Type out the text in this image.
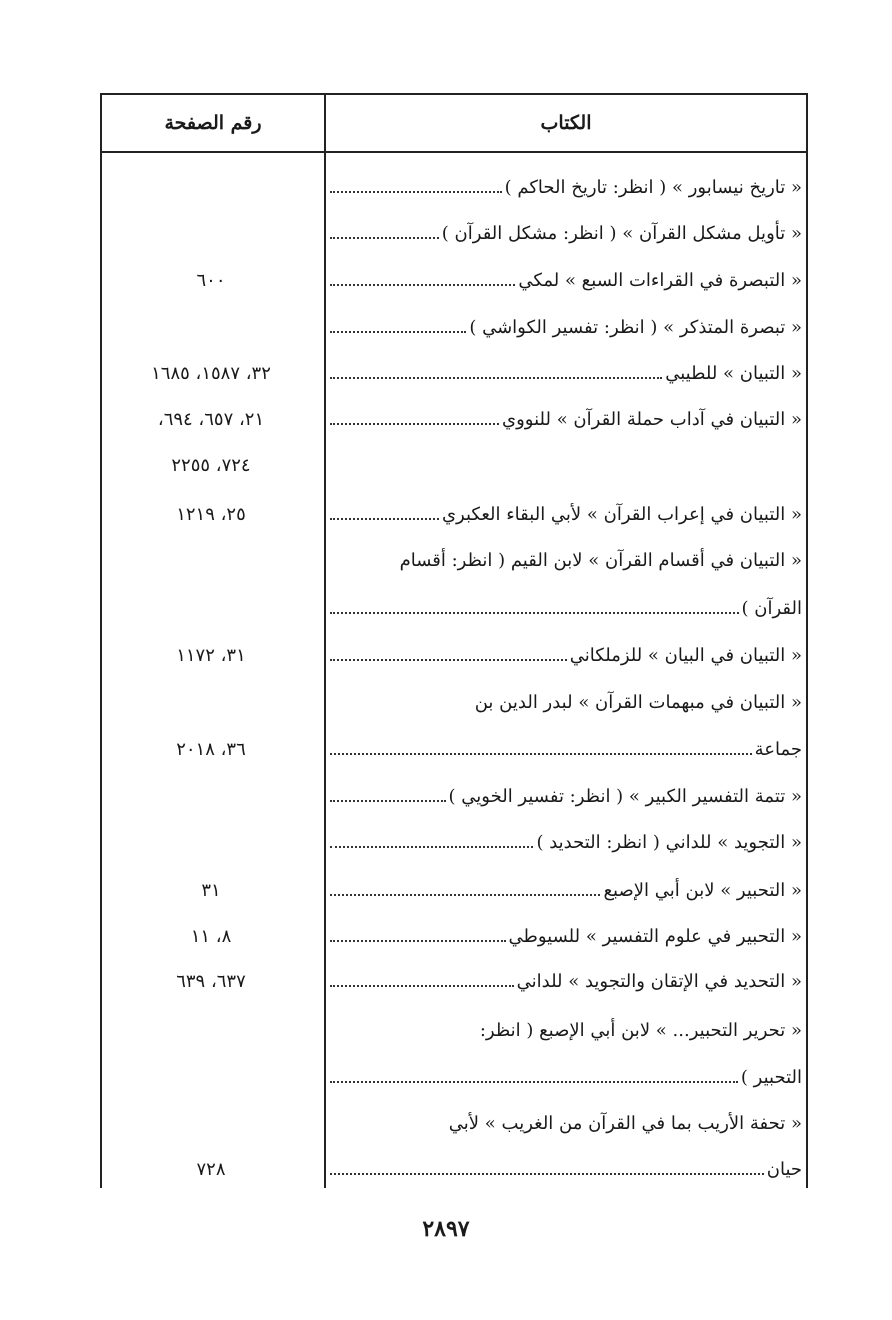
الكتاب
رقم الصفحة
« تاريخ نيسابور » ( انظر: تاريخ الحاكم )
« تأويل مشكل القرآن » ( انظر: مشكل القرآن )
« التبصرة في القراءات السبع » لمكي
٦٠٠
« تبصرة المتذكر » ( انظر: تفسير الكواشي )
« التبيان » للطيبي
٣٢، ١٥٨٧، ١٦٨٥
« التبيان في آداب حملة القرآن » للنووي
٢١، ٦٥٧، ٦٩٤،
٧٢٤، ٢٢٥٥
« التبيان في إعراب القرآن » لأبي البقاء العكبري
٢٥، ١٢١٩
« التبيان في أقسام القرآن » لابن القيم ( انظر: أقسام
القرآن )
« التبيان في البيان » للزملكاني
٣١، ١١٧٢
« التبيان في مبهمات القرآن » لبدر الدين بن
جماعة
٣٦، ٢٠١٨
« تتمة التفسير الكبير » ( انظر: تفسير الخويي )
« التجويد » للداني ( انظر: التحديد )
« التحبير » لابن أبي الإصبع
٣١
« التحبير في علوم التفسير » للسيوطي
٨، ١١
« التحديد في الإتقان والتجويد » للداني
٦٣٧، ٦٣٩
« تحرير التحبير... » لابن أبي الإصبع ( انظر:
التحبير )
« تحفة الأريب بما في القرآن من الغريب » لأبي
حيان
٧٢٨
٢٨٩٧
